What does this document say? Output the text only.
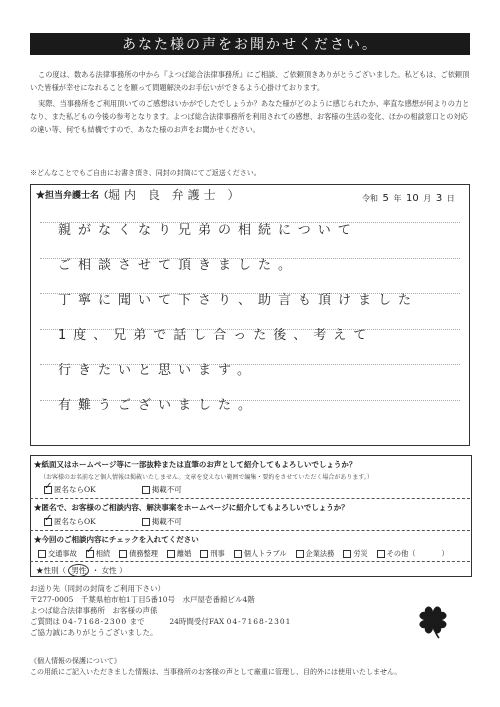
あなた様の声をお聞かせください。

この度は、数ある法律事務所の中から『よつば総合法律事務所』にご相談、ご依頼頂きありがとうございました。私どもは、ご依頼頂いた皆様が幸せになれることを願って問題解決のお手伝いができるよう心掛けております。

実際、当事務所をご利用頂いてのご感想はいかがでしたでしょうか？あなた様がどのように感じられたか、率直な感想が何よりの力となり、また私どもの今後の参考となります。よつば総合法律事務所を利用されての感想、お客様の生活の変化、ほかの相談窓口との対応の違い等、何でも結構ですので、あなた様のお声をお聞かせください。

※どんなことでもご自由にお書き頂き、同封の封筒にてご返送ください。
★担当弁護士名（ 堀内 良 弁護士 ）	令和 5 年 10 月 3 日
親がなくなり兄弟の相続について
ご相談させて頂きました。
丁寧に聞いて下さり、助言も頂けました
1度、兄弟で話し合った後、考えて
行きたいと思います。
有難うございました。
★紙面又はホームページ等に一部抜粋または直筆のお声として紹介してもよろしいでしょうか？
（お客様のお名前など個人情報は掲載いたしません。文章を変えない範囲で編集・要約をさせていただく場合があります。）
✓匿名ならOK	掲載不可
★匿名で、お客様のご相談内容、解決事案をホームページに紹介してもよろしいでしょうか？
✓匿名ならOK	掲載不可
★今回のご相談内容にチェックを入れてください
交通事故
✓	相続	債務整理	離婚	刑事	個人トラブル	企業法務	労災	その他（	）
★性別（ 男性 ・ 女性 ）
お送り先（同封の封筒をご利用下さい）
〒277-0005　千葉県柏市柏1丁目5番10号　水戸屋壱番館ビル4階
よつば総合法律事務所　お客様の声係
ご質問は 04-7168-2300 まで	24時間受付FAX 04-7168-2301
ご協力誠にありがとうございました。
《個人情報の保護について》
この用紙にご記入いただきました情報は、当事務所のお客様の声として厳重に管理し、目的外には使用いたしません。
